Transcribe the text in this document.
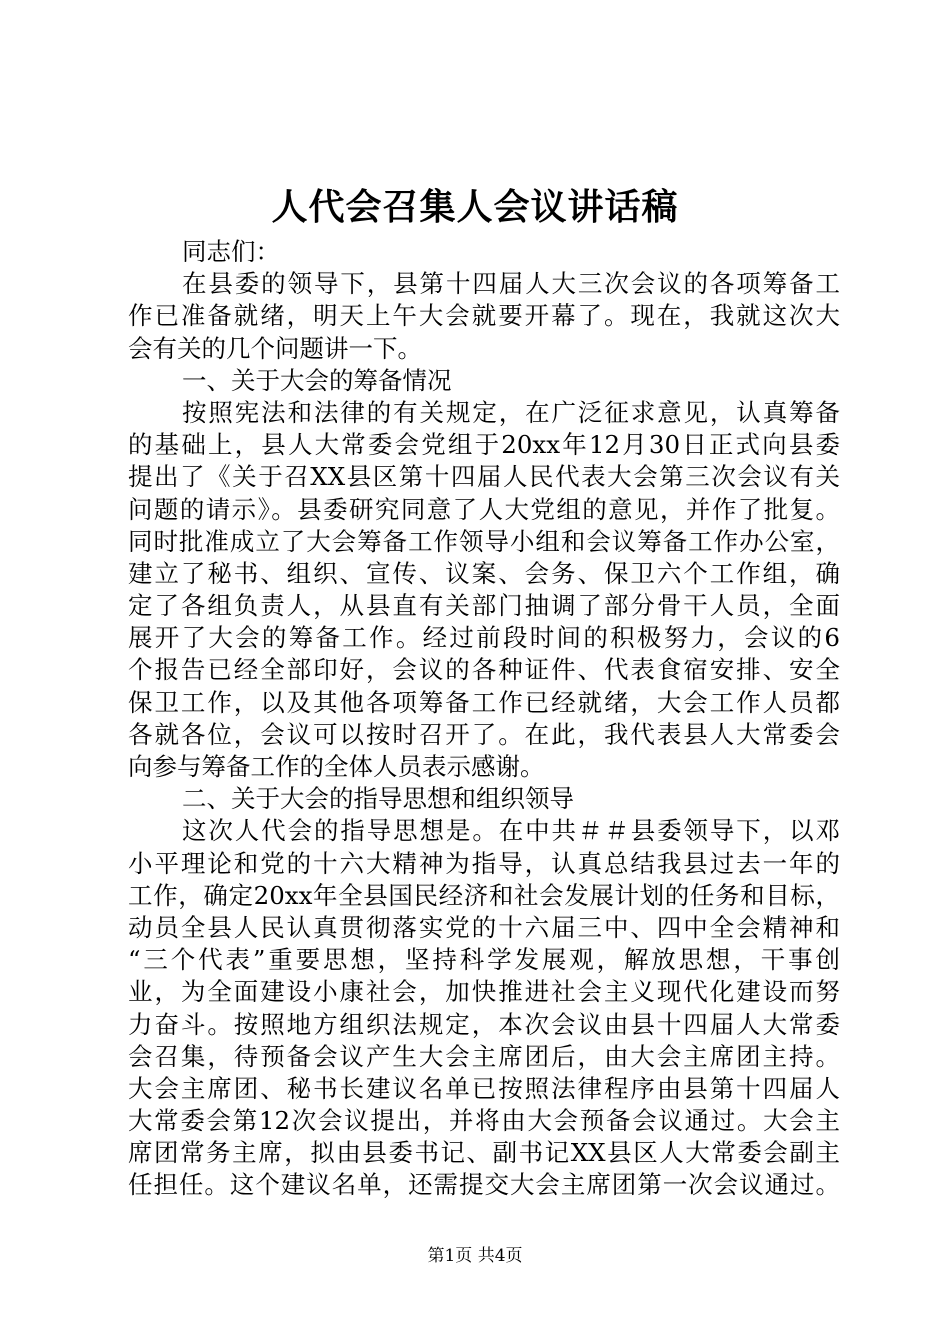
人代会召集人会议讲话稿
同志们：
在县委的领导下，县第十四届人大三次会议的各项筹备工
作已准备就绪，明天上午大会就要开幕了。现在，我就这次大
会有关的几个问题讲一下。
一、关于大会的筹备情况
按照宪法和法律的有关规定，在广泛征求意见，认真筹备
的基础上，县人大常委会党组于20xx年12月30日正式向县委
提出了《关于召XX县区第十四届人民代表大会第三次会议有关
问题的请示》。县委研究同意了人大党组的意见，并作了批复。
同时批准成立了大会筹备工作领导小组和会议筹备工作办公室，
建立了秘书、组织、宣传、议案、会务、保卫六个工作组，确
定了各组负责人，从县直有关部门抽调了部分骨干人员，全面
展开了大会的筹备工作。经过前段时间的积极努力，会议的6
个报告已经全部印好，会议的各种证件、代表食宿安排、安全
保卫工作，以及其他各项筹备工作已经就绪，大会工作人员都
各就各位，会议可以按时召开了。在此，我代表县人大常委会
向参与筹备工作的全体人员表示感谢。
二、关于大会的指导思想和组织领导
这次人代会的指导思想是。在中共＃＃县委领导下，以邓
小平理论和党的十六大精神为指导，认真总结我县过去一年的
工作，确定20xx年全县国民经济和社会发展计划的任务和目标，
动员全县人民认真贯彻落实党的十六届三中、四中全会精神和
“三个代表”重要思想，坚持科学发展观，解放思想，干事创
业，为全面建设小康社会，加快推进社会主义现代化建设而努
力奋斗。按照地方组织法规定，本次会议由县十四届人大常委
会召集，待预备会议产生大会主席团后，由大会主席团主持。
大会主席团、秘书长建议名单已按照法律程序由县第十四届人
大常委会第12次会议提出，并将由大会预备会议通过。大会主
席团常务主席，拟由县委书记、副书记XX县区人大常委会副主
任担任。这个建议名单，还需提交大会主席团第一次会议通过。
第1页 共4页
